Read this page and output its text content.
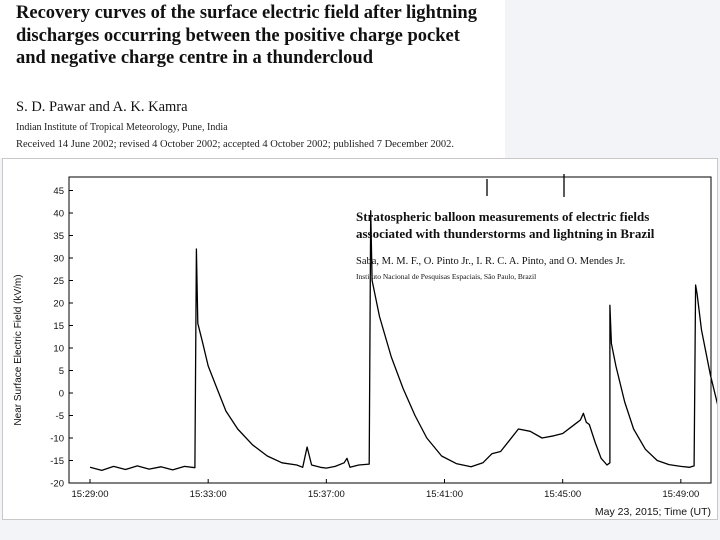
Recovery curves of the surface electric field after lightning discharges occurring between the positive charge pocket and negative charge centre in a thundercloud
S. D. Pawar and A. K. Kamra
Indian Institute of Tropical Meteorology, Pune, India
Received 14 June 2002; revised 4 October 2002; accepted 4 October 2002; published 7 December 2002.
45
40
35
30
25
20
15
10
5
0
-5
-10
-15
-20
15:29:00	15:33:00	15:37:00	15:41:00	15:45:00	15:49:00
Near Surface Electric Field (kV/m)
May 23, 2015; Time (UT)
Stratospheric balloon measurements of electric fields associated with thunderstorms and lightning in Brazil
Saba, M. M. F., O. Pinto Jr., I. R. C. A. Pinto, and O. Mendes Jr.
Instituto Nacional de Pesquisas Espaciais, São Paulo, Brazil
